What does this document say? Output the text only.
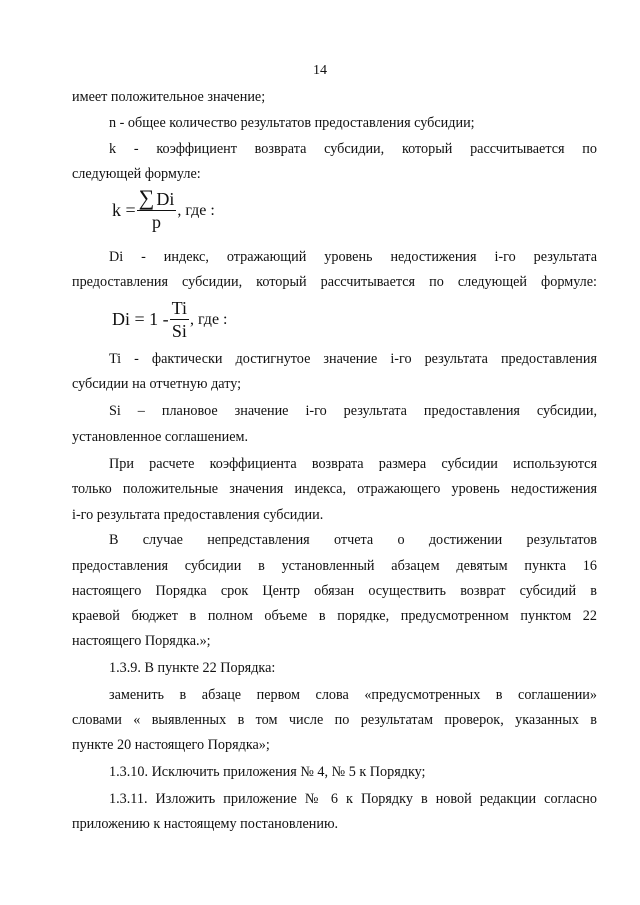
14
имеет положительное значение;
n - общее количество результатов предоставления субсидии;
k - коэффициент возврата субсидии, который рассчитывается по
следующей формуле:
$k = \frac{\sum Di}{p}$ , где :
Di - индекс, отражающий уровень недостижения i-го результата
предоставления субсидии, который рассчитывается по следующей формуле:
$Di = 1 - \frac{Ti}{Si}$ , где :
Ti - фактически достигнутое значение i-го результата предоставления
субсидии на отчетную дату;
Si – плановое значение i-го результата предоставления субсидии,
установленное соглашением.
При расчете коэффициента возврата размера субсидии используются
только положительные значения индекса, отражающего уровень недостижения
i-го результата предоставления субсидии.
В случае непредставления отчета о достижении результатов
предоставления субсидии в установленный абзацем девятым пункта 16
настоящего Порядка срок Центр обязан осуществить возврат субсидий в
краевой бюджет в полном объеме в порядке, предусмотренном пунктом 22
настоящего Порядка.»;
1.3.9. В пункте 22 Порядка:
заменить в абзаце первом слова «предусмотренных в соглашении»
словами « выявленных в том числе по результатам проверок, указанных в
пункте 20 настоящего Порядка»;
1.3.10. Исключить приложения № 4, № 5 к Порядку;
1.3.11. Изложить приложение № 6 к Порядку в новой редакции согласно
приложению к настоящему постановлению.
